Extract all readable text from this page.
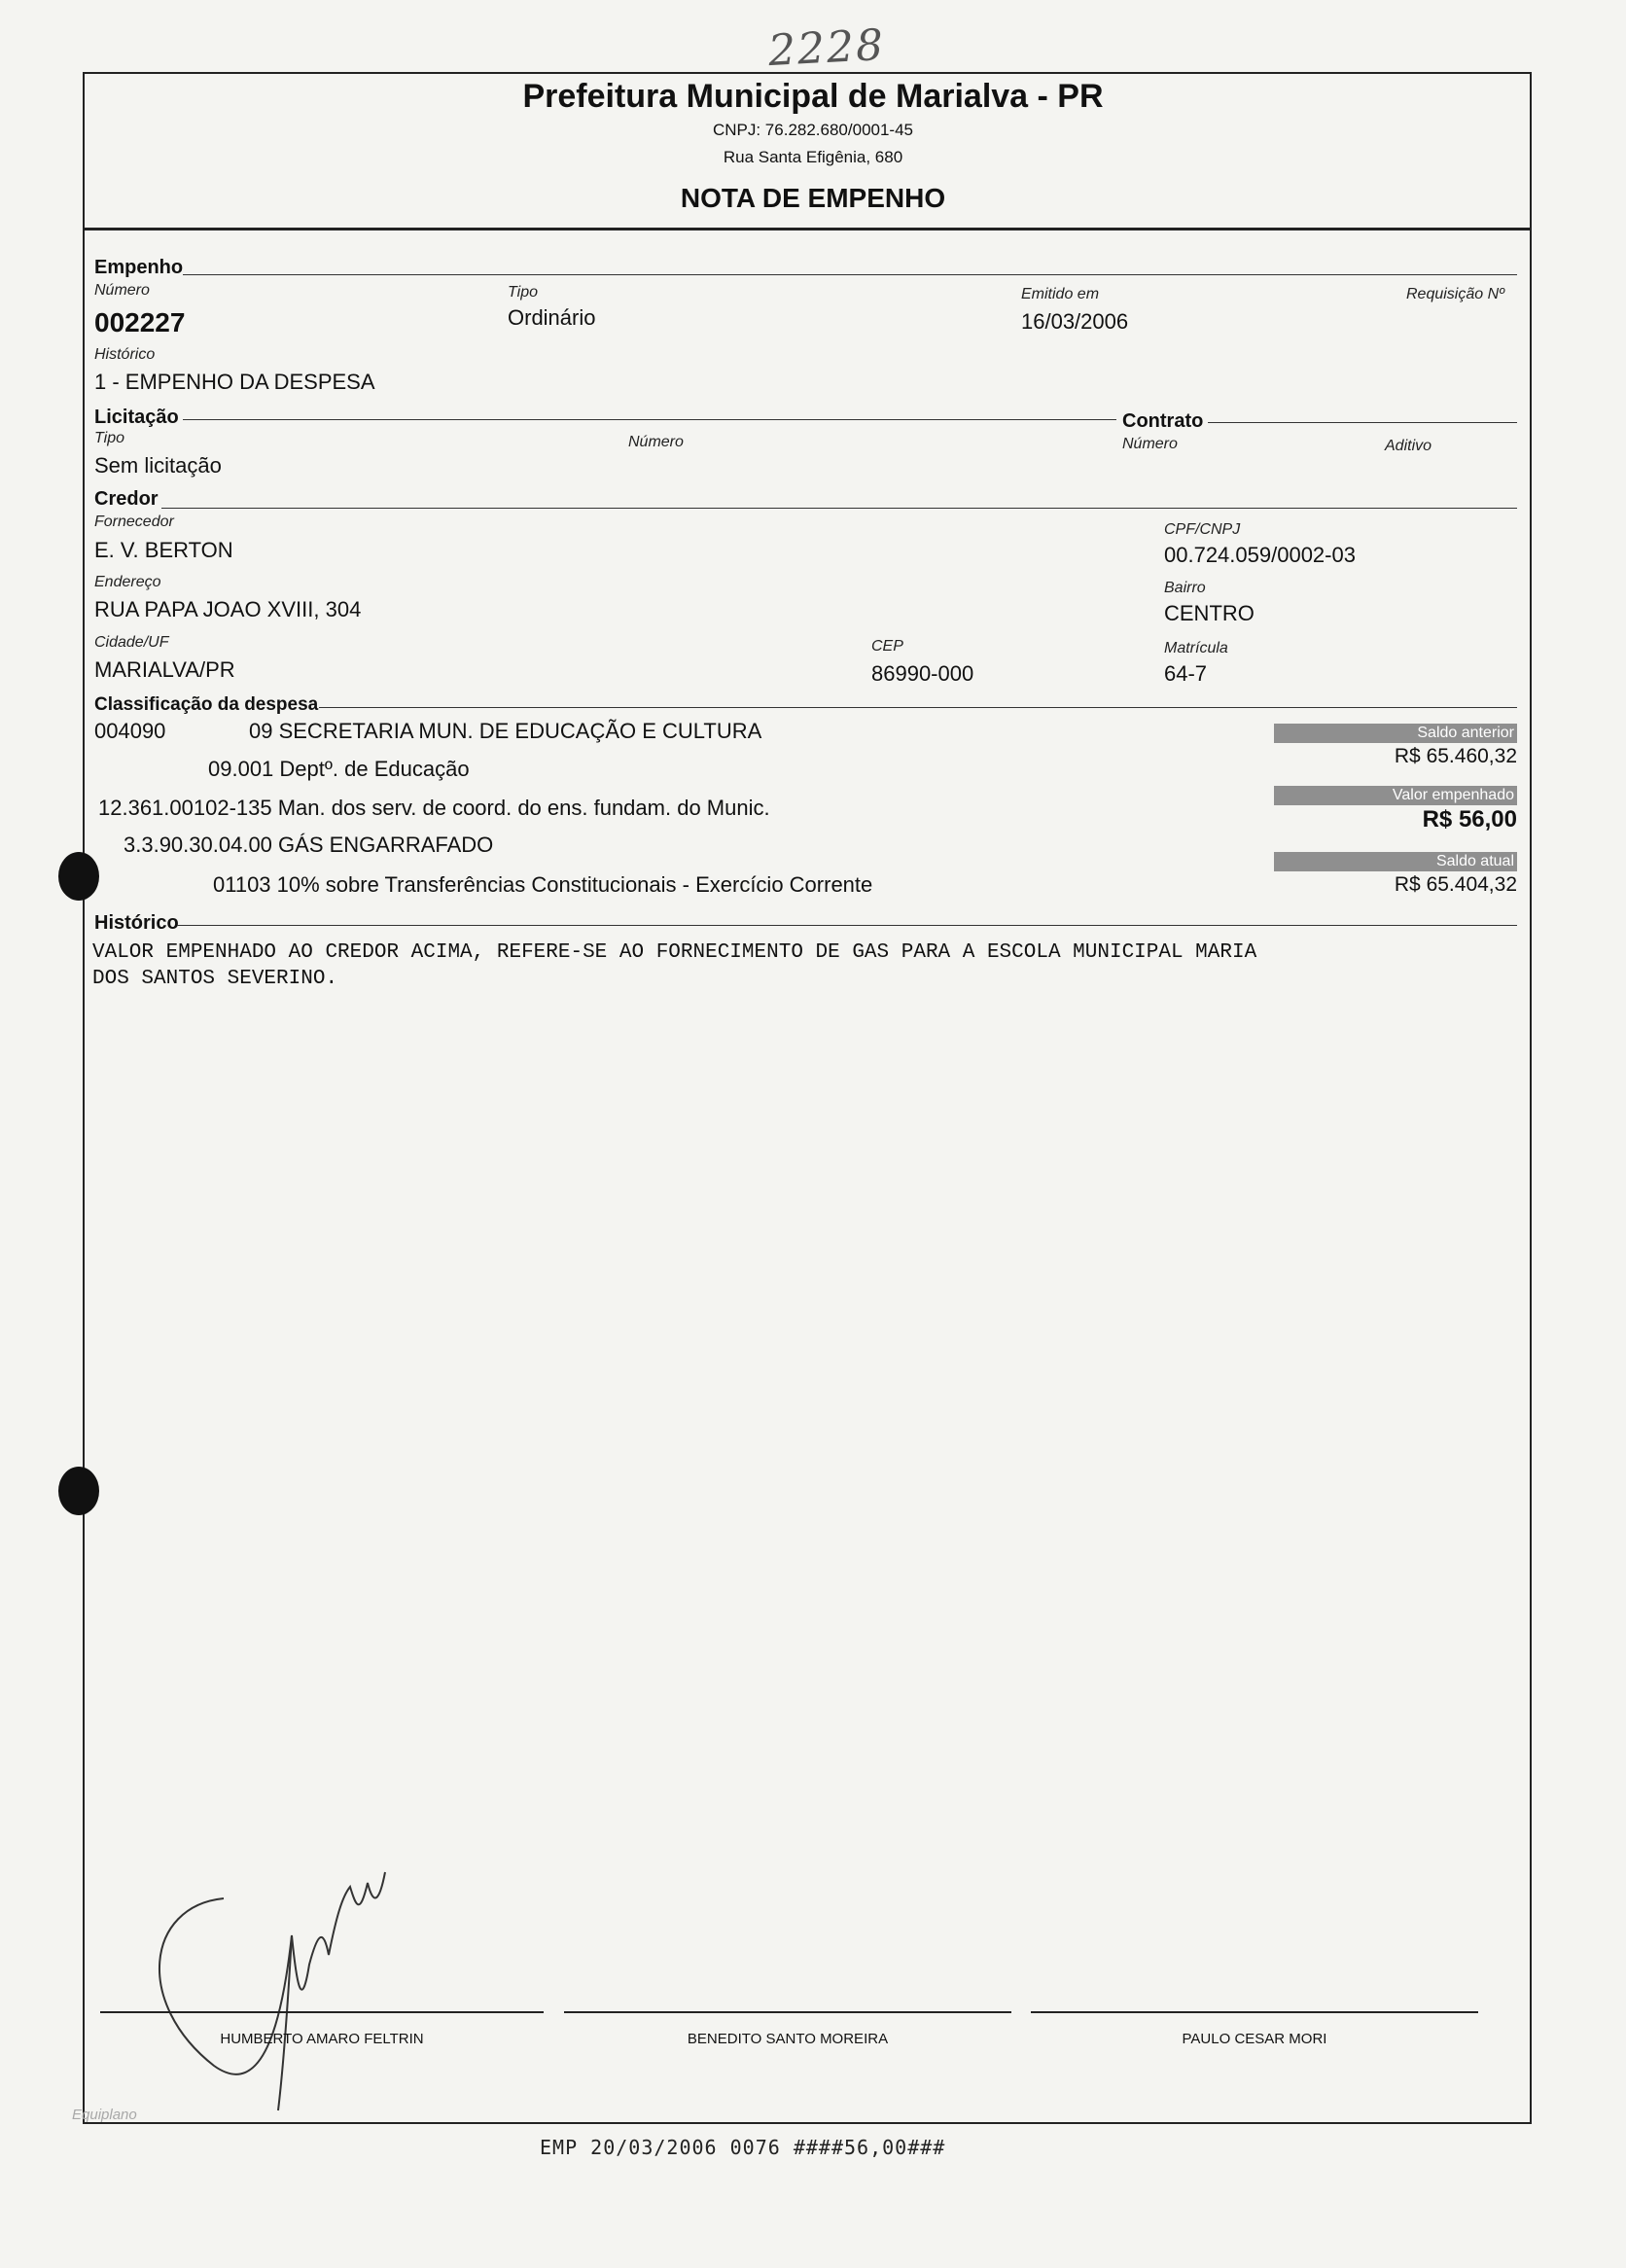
2228
Prefeitura Municipal de Marialva - PR
CNPJ: 76.282.680/0001-45
Rua Santa Efigênia, 680
NOTA DE EMPENHO
Empenho
Número
002227
Tipo
Ordinário
Emitido em
16/03/2006
Requisição Nº
Histórico
1 - EMPENHO DA DESPESA
Licitação	Contrato
Tipo
Sem licitação
Número	Número	Aditivo
Credor
Fornecedor
E. V. BERTON
CPF/CNPJ
00.724.059/0002-03
Endereço
RUA PAPA JOAO XVIII, 304
Bairro
CENTRO
Cidade/UF
MARIALVA/PR
CEP
86990-000
Matrícula
64-7
Classificação da despesa
004090	09 SECRETARIA MUN. DE EDUCAÇÃO E CULTURA
09.001 Deptº. de Educação
12.361.00102-135 Man. dos serv. de coord. do ens. fundam. do Munic.
3.3.90.30.04.00 GÁS ENGARRAFADO
01103 10% sobre Transferências Constitucionais - Exercício Corrente
Saldo anterior
R$ 65.460,32
Valor empenhado
R$ 56,00
Saldo atual
R$ 65.404,32
Histórico
VALOR EMPENHADO AO CREDOR ACIMA, REFERE-SE AO FORNECIMENTO DE GAS PARA A ESCOLA MUNICIPAL MARIA
DOS SANTOS SEVERINO.
HUMBERTO AMARO FELTRIN	BENEDITO SANTO MOREIRA	PAULO CESAR MORI
Equiplano
EMP 20/03/2006 0076 ####56,00###
